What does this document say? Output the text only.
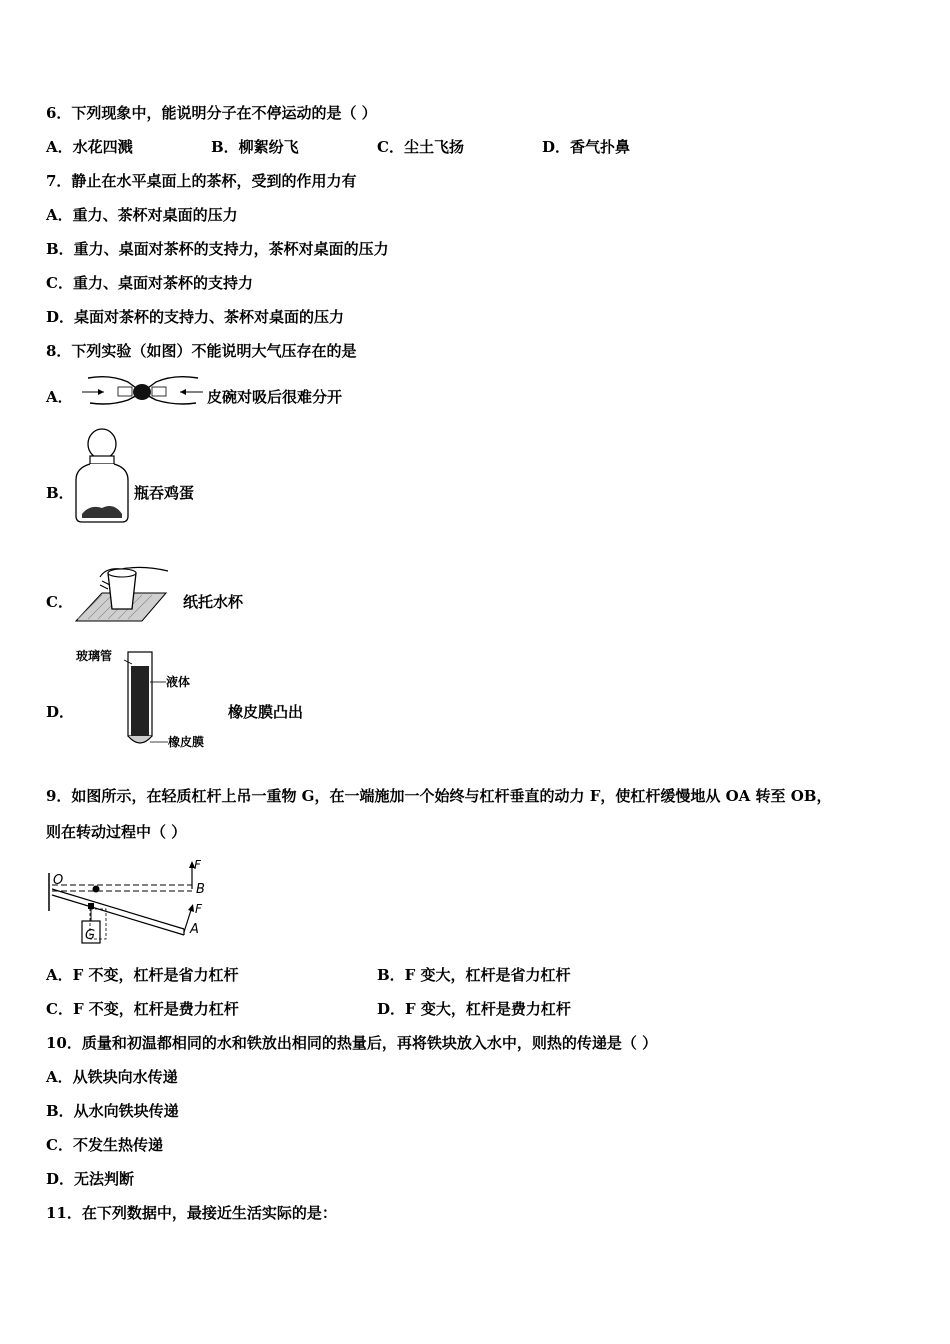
6．下列现象中，能说明分子在不停运动的是（ ）
A．水花四溅	B．柳絮纷飞	C．尘土飞扬	D．香气扑鼻
7．静止在水平桌面上的茶杯，受到的作用力有
A．重力、茶杯对桌面的压力
B．重力、桌面对茶杯的支持力，茶杯对桌面的压力
C．重力、桌面对茶杯的支持力
D．桌面对茶杯的支持力、茶杯对桌面的压力
8．下列实验（如图）不能说明大气压存在的是
A．	皮碗对吸后很难分开
B．	瓶吞鸡蛋
C．	纸托水杯
D．
玻璃管
液体
橡皮膜
橡皮膜凸出
9．如图所示，在轻质杠杆上吊一重物 G，在一端施加一个始终与杠杆垂直的动力 F，使杠杆缓慢地从 OA 转至 OB，
则在转动过程中（ ）
O
B
A
F
F
G
A．F 不变，杠杆是省力杠杆	B．F 变大，杠杆是省力杠杆
C．F 不变，杠杆是费力杠杆	D．F 变大，杠杆是费力杠杆
10．质量和初温都相同的水和铁放出相同的热量后，再将铁块放入水中，则热的传递是（ ）
A．从铁块向水传递
B．从水向铁块传递
C．不发生热传递
D．无法判断
11．在下列数据中，最接近生活实际的是：
